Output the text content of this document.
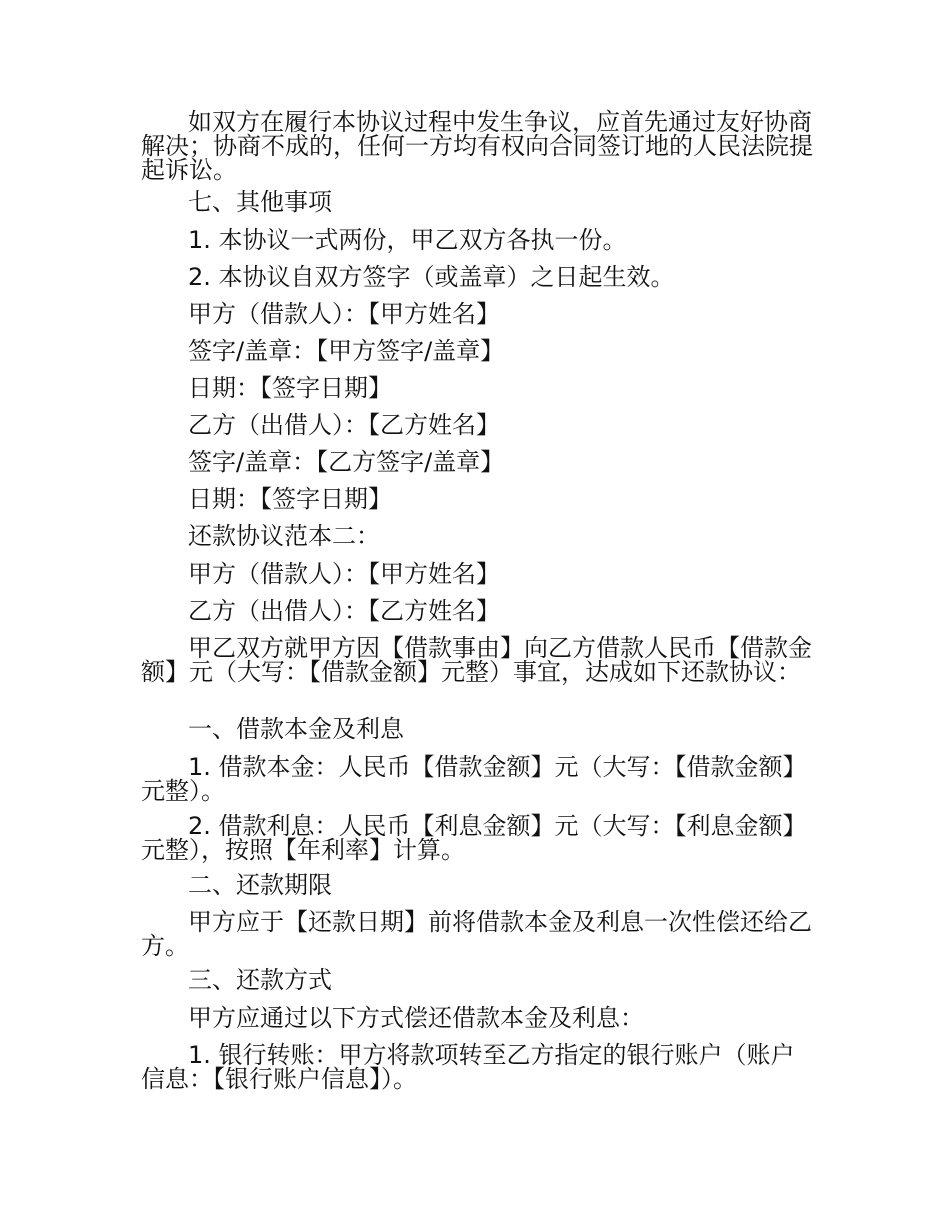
如双方在履行本协议过程中发生争议，应首先通过友好协商解决；协商不成的，任何一方均有权向合同签订地的人民法院提起诉讼。
七、其他事项
1. 本协议一式两份，甲乙双方各执一份。
2. 本协议自双方签字（或盖章）之日起生效。
甲方（借款人）：【甲方姓名】
签字/盖章：【甲方签字/盖章】
日期：【签字日期】
乙方（出借人）：【乙方姓名】
签字/盖章：【乙方签字/盖章】
日期：【签字日期】
还款协议范本二：
甲方（借款人）：【甲方姓名】
乙方（出借人）：【乙方姓名】
甲乙双方就甲方因【借款事由】向乙方借款人民币【借款金额】元（大写：【借款金额】元整）事宜，达成如下还款协议：
一、借款本金及利息
1. 借款本金：人民币【借款金额】元（大写：【借款金额】元整）。
2. 借款利息：人民币【利息金额】元（大写：【利息金额】元整），按照【年利率】计算。
二、还款期限
甲方应于【还款日期】前将借款本金及利息一次性偿还给乙方。
三、还款方式
甲方应通过以下方式偿还借款本金及利息：
1. 银行转账：甲方将款项转至乙方指定的银行账户（账户信息：【银行账户信息】）。
